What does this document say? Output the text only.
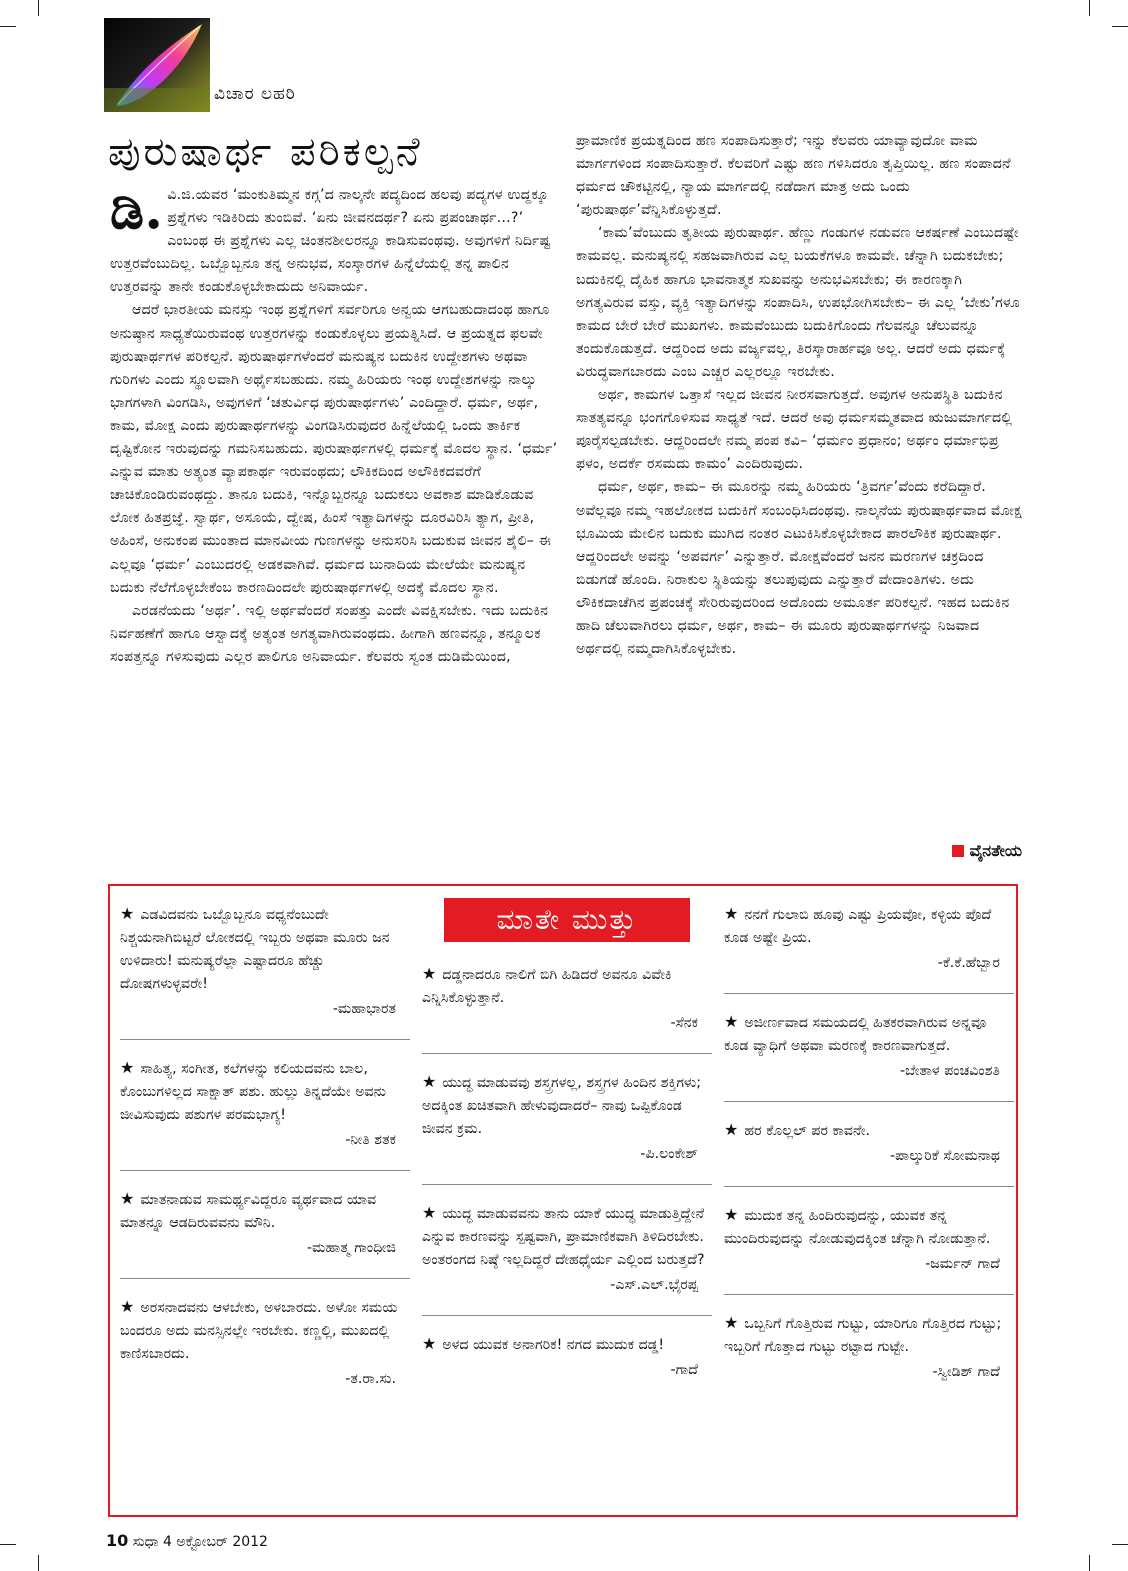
ವಿಚಾರ ಲಹರಿ
ಪುರುಷಾರ್ಥ ಪರಿಕಲ್ಪನೆ

ಡಿ. ವಿ.ಜಿ.ಯವರ ‘ಮಂಕುತಿಮ್ಮನ ಕಗ್ಗ’ದ ನಾಲ್ಕನೇ ಪದ್ಯದಿಂದ ಹಲವು ಪದ್ಯಗಳ ಉದ್ದಕ್ಕೂ ಪ್ರಶ್ನೆಗಳು ಇಡಿಕಿರಿದು ತುಂಬಿವೆ. ‘ಏನು ಜೀವನದರ್ಥ? ಏನು ಪ್ರಪಂಚಾರ್ಥ...?’ ಎಂಬಂಥ ಈ ಪ್ರಶ್ನೆಗಳು ಎಲ್ಲ ಚಿಂತನಶೀಲರನ್ನೂ ಕಾಡಿಸುವಂಥವು. ಅವುಗಳಿಗೆ ನಿರ್ದಿಷ್ಟ ಉತ್ತರವೆಂಬುದಿಲ್ಲ. ಒಬ್ಬೊಬ್ಬನೂ ತನ್ನ ಅನುಭವ, ಸಂಸ್ಕಾರಗಳ ಹಿನ್ನೆಲೆಯಲ್ಲಿ ತನ್ನ ಪಾಲಿನ ಉತ್ತರವನ್ನು ತಾನೇ ಕಂಡುಕೊಳ್ಳಬೇಕಾದುದು ಅನಿವಾರ್ಯ.

ಆದರೆ ಭಾರತೀಯ ಮನಸ್ಸು ಇಂಥ ಪ್ರಶ್ನೆಗಳಿಗೆ ಸರ್ವರಿಗೂ ಅನ್ವಯ ಆಗಬಹುದಾದಂಥ ಹಾಗೂ ಅನುಷ್ಠಾನ ಸಾಧ್ಯತೆಯಿರುವಂಥ ಉತ್ತರಗಳನ್ನು ಕಂಡುಕೊಳ್ಳಲು ಪ್ರಯತ್ನಿಸಿದೆ. ಆ ಪ್ರಯತ್ನದ ಫಲವೇ ಪುರುಷಾರ್ಥಗಳ ಪರಿಕಲ್ಪನೆ. ಪುರುಷಾರ್ಥಗಳೆಂದರೆ ಮನುಷ್ಯನ ಬದುಕಿನ ಉದ್ದೇಶಗಳು ಅಥವಾ ಗುರಿಗಳು ಎಂದು ಸ್ಥೂಲವಾಗಿ ಅರ್ಥೈಸಬಹುದು. ನಮ್ಮ ಹಿರಿಯರು ಇಂಥ ಉದ್ದೇಶಗಳನ್ನು ನಾಲ್ಕು ಭಾಗಗಳಾಗಿ ವಿಂಗಡಿಸಿ, ಅವುಗಳಿಗೆ ‘ಚತುರ್ವಿಧ ಪುರುಷಾರ್ಥಗಳು’ ಎಂದಿದ್ದಾರೆ. ಧರ್ಮ, ಅರ್ಥ, ಕಾಮ, ಮೋಕ್ಷ ಎಂದು ಪುರುಷಾರ್ಥಗಳನ್ನು ವಿಂಗಡಿಸಿರುವುದರ ಹಿನ್ನೆಲೆಯಲ್ಲಿ ಒಂದು ತಾರ್ಕಿಕ ದೃಷ್ಟಿಕೋನ ಇರುವುದನ್ನು ಗಮನಿಸಬಹುದು. ಪುರುಷಾರ್ಥಗಳಲ್ಲಿ ಧರ್ಮಕ್ಕೆ ಮೊದಲ ಸ್ಥಾನ. ‘ಧರ್ಮ’ ಎನ್ನುವ ಮಾತು ಅತ್ಯಂತ ವ್ಯಾಪಕಾರ್ಥ ಇರುವಂಥದು; ಲೌಕಿಕದಿಂದ ಅಲೌಕಿಕದವರೆಗೆ ಚಾಚಿಕೊಂಡಿರುವಂಥದ್ದು. ತಾನೂ ಬದುಕಿ, ಇನ್ನೊಬ್ಬರನ್ನೂ ಬದುಕಲು ಅವಕಾಶ ಮಾಡಿಕೊಡುವ ಲೋಕ ಹಿತಪ್ರಜ್ಞೆ. ಸ್ವಾರ್ಥ, ಅಸೂಯೆ, ದ್ವೇಷ, ಹಿಂಸೆ ಇತ್ಯಾದಿಗಳನ್ನು ದೂರವಿರಿಸಿ ತ್ಯಾಗ, ಪ್ರೀತಿ, ಅಹಿಂಸೆ, ಅನುಕಂಪ ಮುಂತಾದ ಮಾನವೀಯ ಗುಣಗಳನ್ನು ಅನುಸರಿಸಿ ಬದುಕುವ ಜೀವನ ಶೈಲಿ– ಈ ಎಲ್ಲವೂ ‘ಧರ್ಮ’ ಎಂಬುದರಲ್ಲಿ ಅಡಕವಾಗಿವೆ. ಧರ್ಮದ ಬುನಾದಿಯ ಮೇಲೆಯೇ ಮನುಷ್ಯನ ಬದುಕು ನೆಲೆಗೊಳ್ಳಬೇಕೆಂಬ ಕಾರಣದಿಂದಲೇ ಪುರುಷಾರ್ಥಗಳಲ್ಲಿ ಅದಕ್ಕೆ ಮೊದಲ ಸ್ಥಾನ.

ಎರಡನೆಯದು ‘ಅರ್ಥ’. ಇಲ್ಲಿ ಅರ್ಥವೆಂದರೆ ಸಂಪತ್ತು ಎಂದೇ ವಿವಕ್ಷಿಸಬೇಕು. ಇದು ಬದುಕಿನ ನಿರ್ವಹಣೆಗೆ ಹಾಗೂ ಆಸ್ವಾದಕ್ಕೆ ಅತ್ಯಂತ ಅಗತ್ಯವಾಗಿರುವಂಥದು. ಹೀಗಾಗಿ ಹಣವನ್ನೂ, ತನ್ಮೂಲಕ ಸಂಪತ್ತನ್ನೂ ಗಳಿಸುವುದು ಎಲ್ಲರ ಪಾಲಿಗೂ ಅನಿವಾರ್ಯ. ಕೆಲವರು ಸ್ವಂತ ದುಡಿಮೆಯಿಂದ,

ಪ್ರಾಮಾಣಿಕ ಪ್ರಯತ್ನದಿಂದ ಹಣ ಸಂಪಾದಿಸುತ್ತಾರೆ; ಇನ್ನು ಕೆಲವರು ಯಾವ್ಯಾವುದೋ ವಾಮ ಮಾರ್ಗಗಳಿಂದ ಸಂಪಾದಿಸುತ್ತಾರೆ. ಕೆಲವರಿಗೆ ಎಷ್ಟು ಹಣ ಗಳಿಸಿದರೂ ತೃಪ್ತಿಯಿಲ್ಲ. ಹಣ ಸಂಪಾದನೆ ಧರ್ಮದ ಚೌಕಟ್ಟಿನಲ್ಲಿ, ನ್ಯಾಯ ಮಾರ್ಗದಲ್ಲಿ ನಡೆದಾಗ ಮಾತ್ರ ಅದು ಒಂದು ‘ಪುರುಷಾರ್ಥ’ವೆನ್ನಿಸಿಕೊಳ್ಳುತ್ತದೆ.

‘ಕಾಮ’ವೆಂಬುದು ತೃತೀಯ ಪುರುಷಾರ್ಥ. ಹೆಣ್ಣು ಗಂಡುಗಳ ನಡುವಣ ಆಕರ್ಷಣೆ ಎಂಬುದಷ್ಟೇ ಕಾಮವಲ್ಲ. ಮನುಷ್ಯನಲ್ಲಿ ಸಹಜವಾಗಿರುವ ಎಲ್ಲ ಬಯಕೆಗಳೂ ಕಾಮವೇ. ಚೆನ್ನಾಗಿ ಬದುಕಬೇಕು; ಬದುಕಿನಲ್ಲಿ ದೈಹಿಕ ಹಾಗೂ ಭಾವನಾತ್ಮಕ ಸುಖವನ್ನು ಅನುಭವಿಸಬೇಕು; ಈ ಕಾರಣಕ್ಕಾಗಿ ಅಗತ್ಯವಿರುವ ವಸ್ತು, ವ್ಯಕ್ತಿ ಇತ್ಯಾದಿಗಳನ್ನು ಸಂಪಾದಿಸಿ, ಉಪಭೋಗಿಸಬೇಕು– ಈ ಎಲ್ಲ ‘ಬೇಕು’ಗಳೂ ಕಾಮದ ಬೇರೆ ಬೇರೆ ಮುಖಗಳು. ಕಾಮವೆಂಬುದು ಬದುಕಿಗೊಂದು ಗೆಲವನ್ನೂ ಚೆಲುವನ್ನೂ ತಂದುಕೊಡುತ್ತದೆ. ಆದ್ದರಿಂದ ಅದು ವರ್ಜ್ಯವಲ್ಲ, ತಿರಸ್ಕಾರಾರ್ಹವೂ ಅಲ್ಲ. ಆದರೆ ಅದು ಧರ್ಮಕ್ಕೆ ವಿರುದ್ಧವಾಗಬಾರದು ಎಂಬ ಎಚ್ಚರ ಎಲ್ಲರಲ್ಲೂ ಇರಬೇಕು.

ಅರ್ಥ, ಕಾಮಗಳ ಒತ್ತಾಸೆ ಇಲ್ಲದ ಜೀವನ ನೀರಸವಾಗುತ್ತದೆ. ಅವುಗಳ ಅನುಪಸ್ಥಿತಿ ಬದುಕಿನ ಸಾತತ್ಯವನ್ನೂ ಭಂಗಗೊಳಿಸುವ ಸಾಧ್ಯತೆ ಇದೆ. ಆದರೆ ಅವು ಧರ್ಮಸಮ್ಮತವಾದ ಋಜುಮಾರ್ಗದಲ್ಲಿ ಪೂರೈಸಲ್ಪಡಬೇಕು. ಆದ್ದರಿಂದಲೇ ನಮ್ಮ ಪಂಪ ಕವಿ– ‘ಧರ್ಮಂ ಪ್ರಧಾನಂ; ಅರ್ಥಂ ಧರ್ಮಾಭಿಪ್ರ ಫಳಂ, ಅದರ್ಕೆ ರಸಮದು ಕಾಮಂ’ ಎಂದಿರುವುದು.

ಧರ್ಮ, ಅರ್ಥ, ಕಾಮ– ಈ ಮೂರನ್ನು ನಮ್ಮ ಹಿರಿಯರು ‘ತ್ರಿವರ್ಗ’ವೆಂದು ಕರೆದಿದ್ದಾರೆ. ಅವೆಲ್ಲವೂ ನಮ್ಮ ಇಹಲೋಕದ ಬದುಕಿಗೆ ಸಂಬಂಧಿಸಿದಂಥವು. ನಾಲ್ಕನೆಯ ಪುರುಷಾರ್ಥವಾದ ಮೋಕ್ಷ ಭೂಮಿಯ ಮೇಲಿನ ಬದುಕು ಮುಗಿದ ನಂತರ ಎಟುಕಿಸಿಕೊಳ್ಳಬೇಕಾದ ಪಾರಲೌಕಿಕ ಪುರುಷಾರ್ಥ. ಆದ್ದರಿಂದಲೇ ಅವನ್ನು ‘ಅಪವರ್ಗ’ ಎನ್ನುತ್ತಾರೆ. ಮೋಕ್ಷವೆಂದರೆ ಜನನ ಮರಣಗಳ ಚಕ್ರದಿಂದ ಬಿಡುಗಡೆ ಹೊಂದಿ. ನಿರಾಕುಲ ಸ್ಥಿತಿಯನ್ನು ತಲುಪುವುದು ಎನ್ನುತ್ತಾರೆ ವೇದಾಂತಿಗಳು. ಅದು ಲೌಕಿಕದಾಚೆಗಿನ ಪ್ರಪಂಚಕ್ಕೆ ಸೇರಿರುವುದರಿಂದ ಅದೊಂದು ಅಮೂರ್ತ ಪರಿಕಲ್ಪನೆ. ಇಹದ ಬದುಕಿನ ಹಾದಿ ಚೆಲುವಾಗಿರಲು ಧರ್ಮ, ಅರ್ಥ, ಕಾಮ– ಈ ಮೂರು ಪುರುಷಾರ್ಥಗಳನ್ನು ನಿಜವಾದ ಅರ್ಥದಲ್ಲಿ ನಮ್ಮದಾಗಿಸಿಕೊಳ್ಳಬೇಕು.

ವೈನತೇಯ
★ ಎಡವಿದವನು ಒಬ್ಬೊಬ್ಬನೂ ವಧ್ಯನೆಂಬುದೇ ನಿಶ್ಚಯನಾಗಿಬಿಟ್ಟರೆ ಲೋಕದಲ್ಲಿ ಇಬ್ಬರು ಅಥವಾ ಮೂರು ಜನ ಉಳಿದಾರು! ಮನುಷ್ಯರೆಲ್ಲಾ ಎಷ್ಟಾದರೂ ಹೆಚ್ಚು ದೋಷಗಳುಳ್ಳವರೇ!
-ಮಹಾಭಾರತ
★ ಸಾಹಿತ್ಯ, ಸಂಗೀತ, ಕಲೆಗಳನ್ನು ಕಲಿಯದವನು ಬಾಲ, ಕೊಂಬುಗಳಿಲ್ಲದ ಸಾಕ್ಷಾತ್ ಪಶು. ಹುಲ್ಲು ತಿನ್ನದೆಯೇ ಅವನು ಜೀವಿಸುವುದು ಪಶುಗಳ ಪರಮಭಾಗ್ಯ!
-ನೀತಿ ಶತಕ
★ ಮಾತನಾಡುವ ಸಾಮರ್ಥ್ಯವಿದ್ದರೂ ವ್ಯರ್ಥವಾದ ಯಾವ ಮಾತನ್ನೂ ಆಡದಿರುವವನು ಮೌನಿ.
-ಮಹಾತ್ಮ ಗಾಂಧೀಜಿ
★ ಅರಸನಾದವನು ಆಳಬೇಕು, ಅಳಬಾರದು. ಅಳೋ ಸಮಯ ಬಂದರೂ ಅದು ಮನಸ್ಸಿನಲ್ಲೇ ಇರಬೇಕು. ಕಣ್ಣಲ್ಲಿ, ಮುಖದಲ್ಲಿ ಕಾಣಿಸಬಾರದು.
-ತ.ರಾ.ಸು.
ಮಾತೇ ಮುತ್ತು
★ ದಡ್ಡನಾದರೂ ನಾಲಿಗೆ ಬಿಗಿ ಹಿಡಿದರೆ ಅವನೂ ವಿವೇಕಿ ಎನ್ನಿಸಿಕೊಳ್ಳುತ್ತಾನೆ.
-ಸೆನಕ
★ ಯುದ್ಧ ಮಾಡುವವು ಶಸ್ತ್ರಗಳಲ್ಲ, ಶಸ್ತ್ರಗಳ ಹಿಂದಿನ ಶಕ್ತಿಗಳು; ಅದಕ್ಕಿಂತ ಖಚಿತವಾಗಿ ಹೇಳುವುದಾದರೆ– ನಾವು ಒಪ್ಪಿಕೊಂಡ ಜೀವನ ಕ್ರಮ.
-ಪಿ.ಲಂಕೇಶ್
★ ಯುದ್ಧ ಮಾಡುವವನು ತಾನು ಯಾಕೆ ಯುದ್ಧ ಮಾಡುತ್ತಿದ್ದೇನೆ ಎನ್ನುವ ಕಾರಣವನ್ನು ಸ್ಪಷ್ಟವಾಗಿ, ಪ್ರಾಮಾಣಿಕವಾಗಿ ತಿಳಿದಿರಬೇಕು. ಅಂತರಂಗದ ನಿಷ್ಠೆ ಇಲ್ಲದಿದ್ದರೆ ದೇಹಧೈರ್ಯ ಎಲ್ಲಿಂದ ಬರುತ್ತದೆ?
-ಎಸ್.ಎಲ್.ಭೈರಪ್ಪ
★ ಅಳದ ಯುವಕ ಅನಾಗರಿಕ! ನಗದ ಮುದುಕ ದಡ್ಡ!
-ಗಾದೆ
★ ನನಗೆ ಗುಲಾಬಿ ಹೂವು ಎಷ್ಟು ಪ್ರಿಯವೋ, ಕಳ್ಳಿಯ ಪೊದೆ ಕೂಡ ಅಷ್ಟೇ ಪ್ರಿಯ.
-ಕೆ.ಕೆ.ಹೆಬ್ಬಾರ
★ ಅಜೀರ್ಣವಾದ ಸಮಯದಲ್ಲಿ ಹಿತಕರವಾಗಿರುವ ಅನ್ನವೂ ಕೂಡ ವ್ಯಾಧಿಗೆ ಅಥವಾ ಮರಣಕ್ಕೆ ಕಾರಣವಾಗುತ್ತದೆ.
-ಬೇತಾಳ ಪಂಚವಿಂಶತಿ
★ ಹರ ಕೊಲ್ಲಲ್ ಪರ ಕಾವನೇ.
-ಪಾಲ್ಕುರಿಕೆ ಸೋಮನಾಥ
★ ಮುದುಕ ತನ್ನ ಹಿಂದಿರುವುದನ್ನು, ಯುವಕ ತನ್ನ ಮುಂದಿರುವುದನ್ನು ನೋಡುವುದಕ್ಕಿಂತ ಚೆನ್ನಾಗಿ ನೋಡುತ್ತಾನೆ.
-ಜರ್ಮನ್ ಗಾದೆ
★ ಒಬ್ಬನಿಗೆ ಗೊತ್ತಿರುವ ಗುಟ್ಟು, ಯಾರಿಗೂ ಗೊತ್ತಿರದ ಗುಟ್ಟು; ಇಬ್ಬರಿಗೆ ಗೊತ್ತಾದ ಗುಟ್ಟು ರಟ್ಟಾದ ಗುಟ್ಟೇ.
-ಸ್ವೀಡಿಶ್ ಗಾದೆ
10 ಸುಧಾ 4 ಅಕ್ಟೋಬರ್ 2012
